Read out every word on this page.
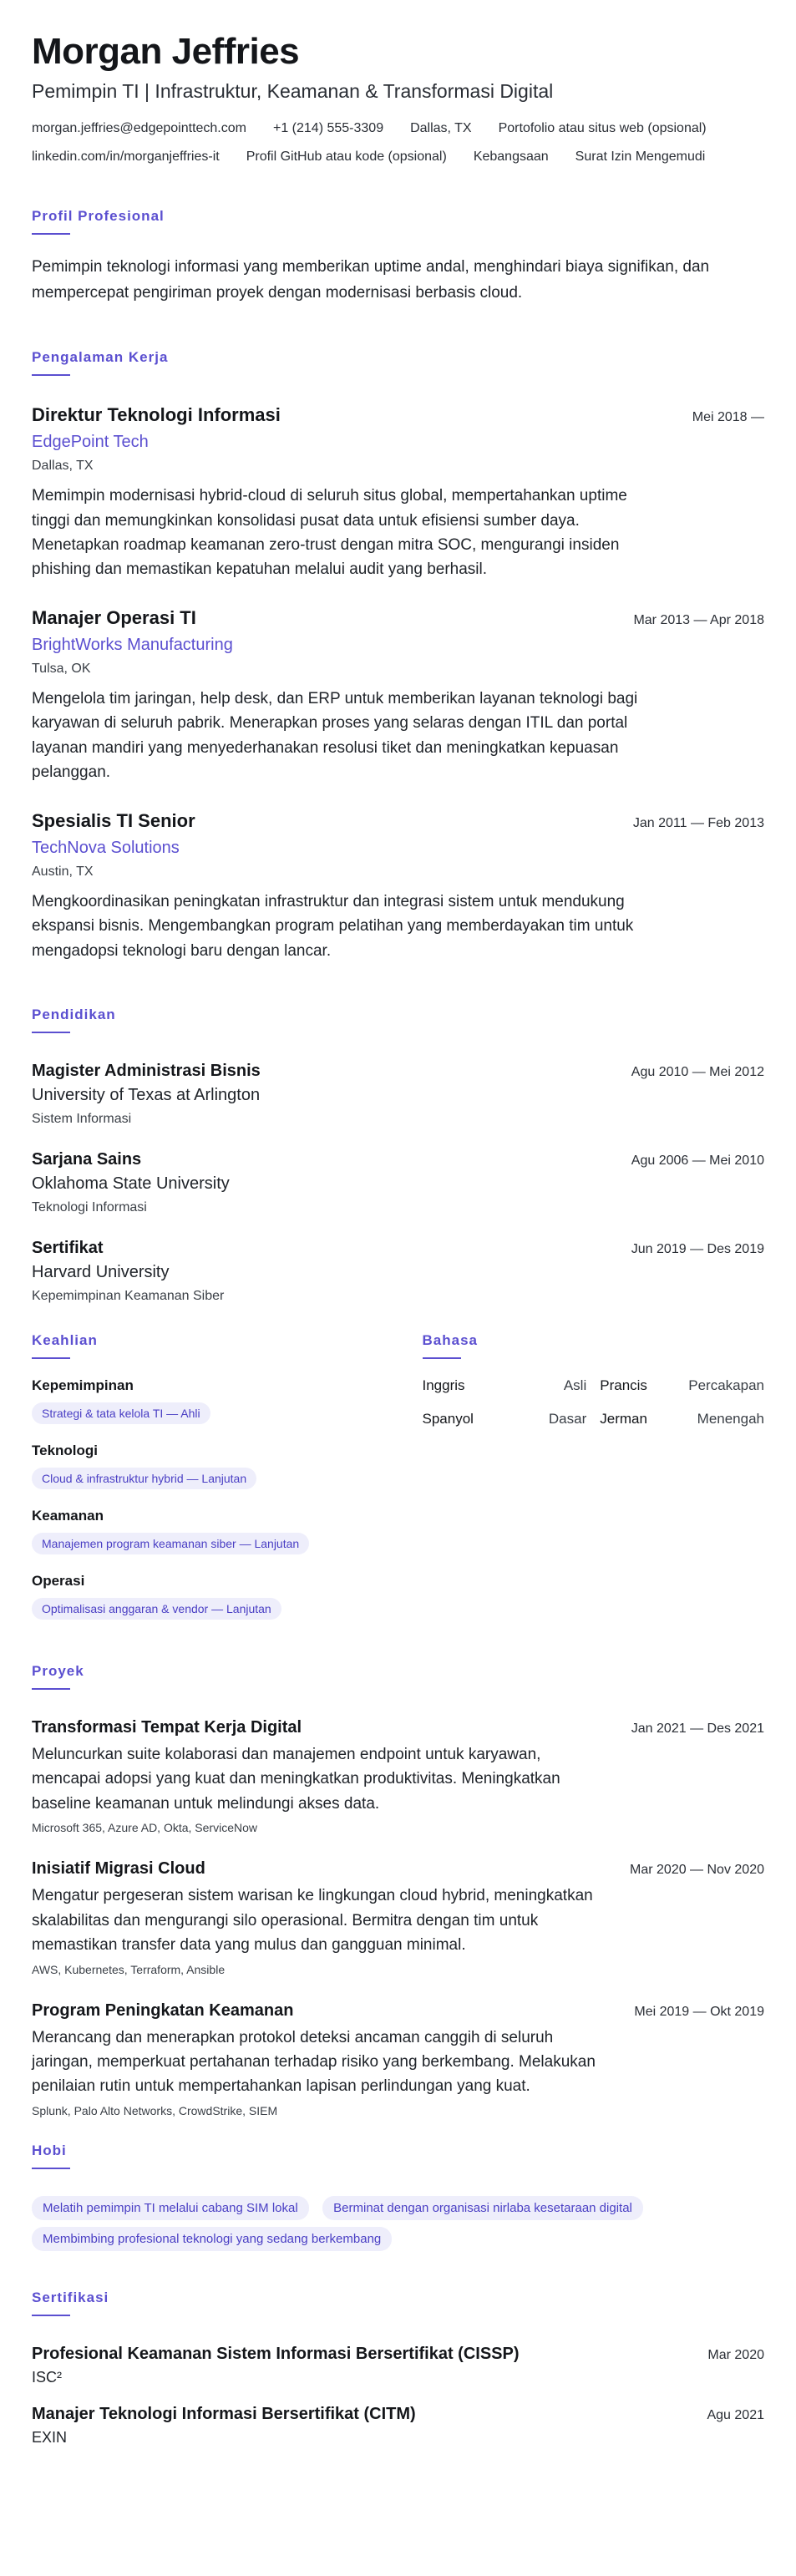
Morgan Jeffries
Pemimpin TI | Infrastruktur, Keamanan & Transformasi Digital
morgan.jeffries@edgepointtech.com +1 (214) 555-3309 Dallas, TX Portofolio atau situs web (opsional)
linkedin.com/in/morganjeffries-it Profil GitHub atau kode (opsional) Kebangsaan Surat Izin Mengemudi
Profil Profesional
Pemimpin teknologi informasi yang memberikan uptime andal, menghindari biaya signifikan, dan mempercepat pengiriman proyek dengan modernisasi berbasis cloud.
Pengalaman Kerja
Direktur Teknologi Informasi	Mei 2018 —
EdgePoint Tech
Dallas, TX
Memimpin modernisasi hybrid-cloud di seluruh situs global, mempertahankan uptime tinggi dan memungkinkan konsolidasi pusat data untuk efisiensi sumber daya. Menetapkan roadmap keamanan zero-trust dengan mitra SOC, mengurangi insiden phishing dan memastikan kepatuhan melalui audit yang berhasil.
Manajer Operasi TI	Mar 2013 — Apr 2018
BrightWorks Manufacturing
Tulsa, OK
Mengelola tim jaringan, help desk, dan ERP untuk memberikan layanan teknologi bagi karyawan di seluruh pabrik. Menerapkan proses yang selaras dengan ITIL dan portal layanan mandiri yang menyederhanakan resolusi tiket dan meningkatkan kepuasan pelanggan.
Spesialis TI Senior	Jan 2011 — Feb 2013
TechNova Solutions
Austin, TX
Mengkoordinasikan peningkatan infrastruktur dan integrasi sistem untuk mendukung ekspansi bisnis. Mengembangkan program pelatihan yang memberdayakan tim untuk mengadopsi teknologi baru dengan lancar.
Pendidikan
Magister Administrasi Bisnis	Agu 2010 — Mei 2012
University of Texas at Arlington
Sistem Informasi
Sarjana Sains	Agu 2006 — Mei 2010
Oklahoma State University
Teknologi Informasi
Sertifikat	Jun 2019 — Des 2019
Harvard University
Kepemimpinan Keamanan Siber
Keahlian
Kepemimpinan
Strategi & tata kelola TI — Ahli
Teknologi
Cloud & infrastruktur hybrid — Lanjutan
Keamanan
Manajemen program keamanan siber — Lanjutan
Operasi
Optimalisasi anggaran & vendor — Lanjutan
Bahasa
Inggris	Asli Prancis	Percakapan
Spanyol	Dasar Jerman	Menengah
Proyek
Transformasi Tempat Kerja Digital	Jan 2021 — Des 2021
Meluncurkan suite kolaborasi dan manajemen endpoint untuk karyawan, mencapai adopsi yang kuat dan meningkatkan produktivitas. Meningkatkan baseline keamanan untuk melindungi akses data.
Microsoft 365, Azure AD, Okta, ServiceNow
Inisiatif Migrasi Cloud	Mar 2020 — Nov 2020
Mengatur pergeseran sistem warisan ke lingkungan cloud hybrid, meningkatkan skalabilitas dan mengurangi silo operasional. Bermitra dengan tim untuk memastikan transfer data yang mulus dan gangguan minimal.
AWS, Kubernetes, Terraform, Ansible
Program Peningkatan Keamanan	Mei 2019 — Okt 2019
Merancang dan menerapkan protokol deteksi ancaman canggih di seluruh jaringan, memperkuat pertahanan terhadap risiko yang berkembang. Melakukan penilaian rutin untuk mempertahankan lapisan perlindungan yang kuat.
Splunk, Palo Alto Networks, CrowdStrike, SIEM
Hobi
Melatih pemimpin TI melalui cabang SIM lokal	Berminat dengan organisasi nirlaba kesetaraan digital Membimbing profesional teknologi yang sedang berkembang
Sertifikasi
Profesional Keamanan Sistem Informasi Bersertifikat (CISSP)	Mar 2020
ISC²
Manajer Teknologi Informasi Bersertifikat (CITM)	Agu 2021
EXIN
